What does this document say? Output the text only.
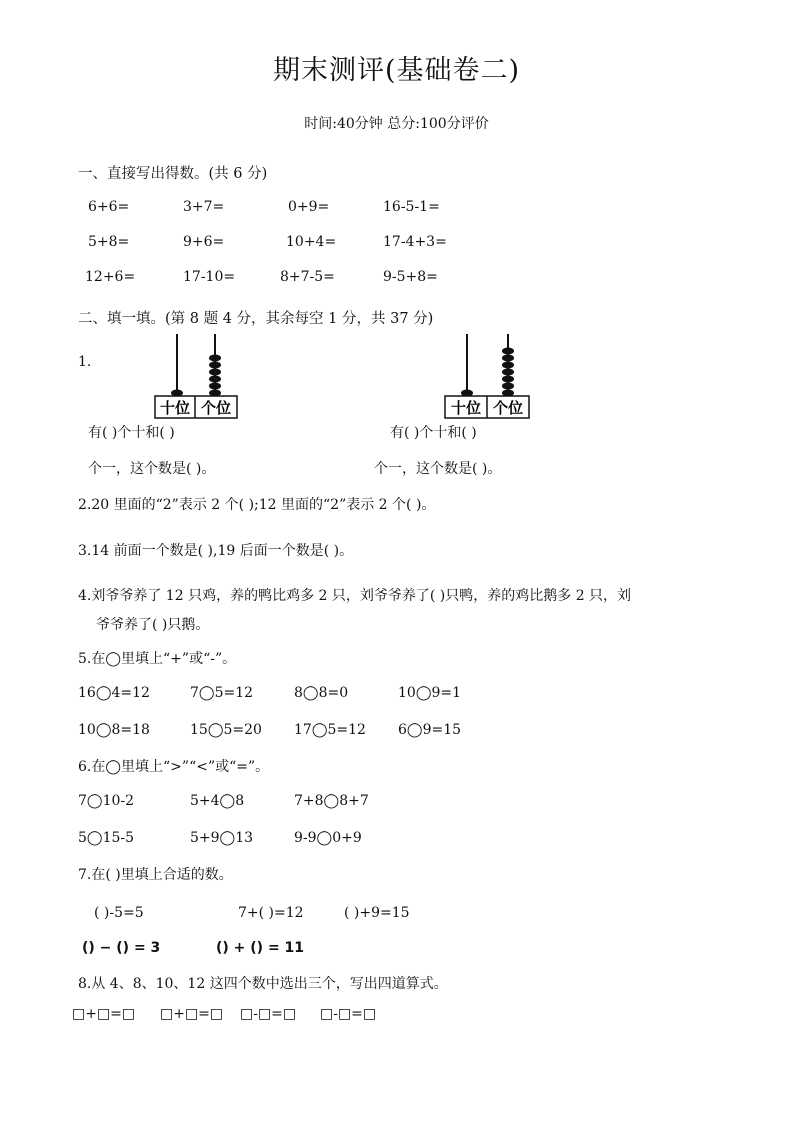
期末测评(基础卷二)
时间:40分钟 总分:100分评价
一、直接写出得数。(共 6 分)
6+6=	3+7=	0+9=	16-5-1=
5+8=	9+6=	10+4=	17-4+3=
12+6=	17-10=	8+7-5=	9-5+8=
二、填一填。(第 8 题 4 分，其余每空 1 分，共 37 分)
1.
十位 个位	十位 个位
有( )个十和( )	有( )个十和( )
个一，这个数是( )。	个一，这个数是( )。
2.20 里面的“2”表示 2 个( );12 里面的“2”表示 2 个( )。
3.14 前面一个数是( ),19 后面一个数是( )。
4.刘爷爷养了 12 只鸡，养的鸭比鸡多 2 只，刘爷爷养了( )只鸭，养的鸡比鹅多 2 只，刘
爷爷养了( )只鹅。
5.在◯里填上“+”或“-”。
16◯4=12	7◯5=12	8◯8=0	10◯9=1
10◯8=18	15◯5=20 17◯5=12 6◯9=15
6.在◯里填上“>”“<”或“=”。
7◯10-2	5+4◯8	7+8◯8+7
5◯15-5	5+9◯13	9-9◯0+9
7.在( )里填上合适的数。
( )-5=5	7+( )=12	( )+9=15
() − () = 3	() + () = 11
8.从 4、8、10、12 这四个数中选出三个，写出四道算式。
□+□=□ □+□=□ □-□=□ □-□=□
